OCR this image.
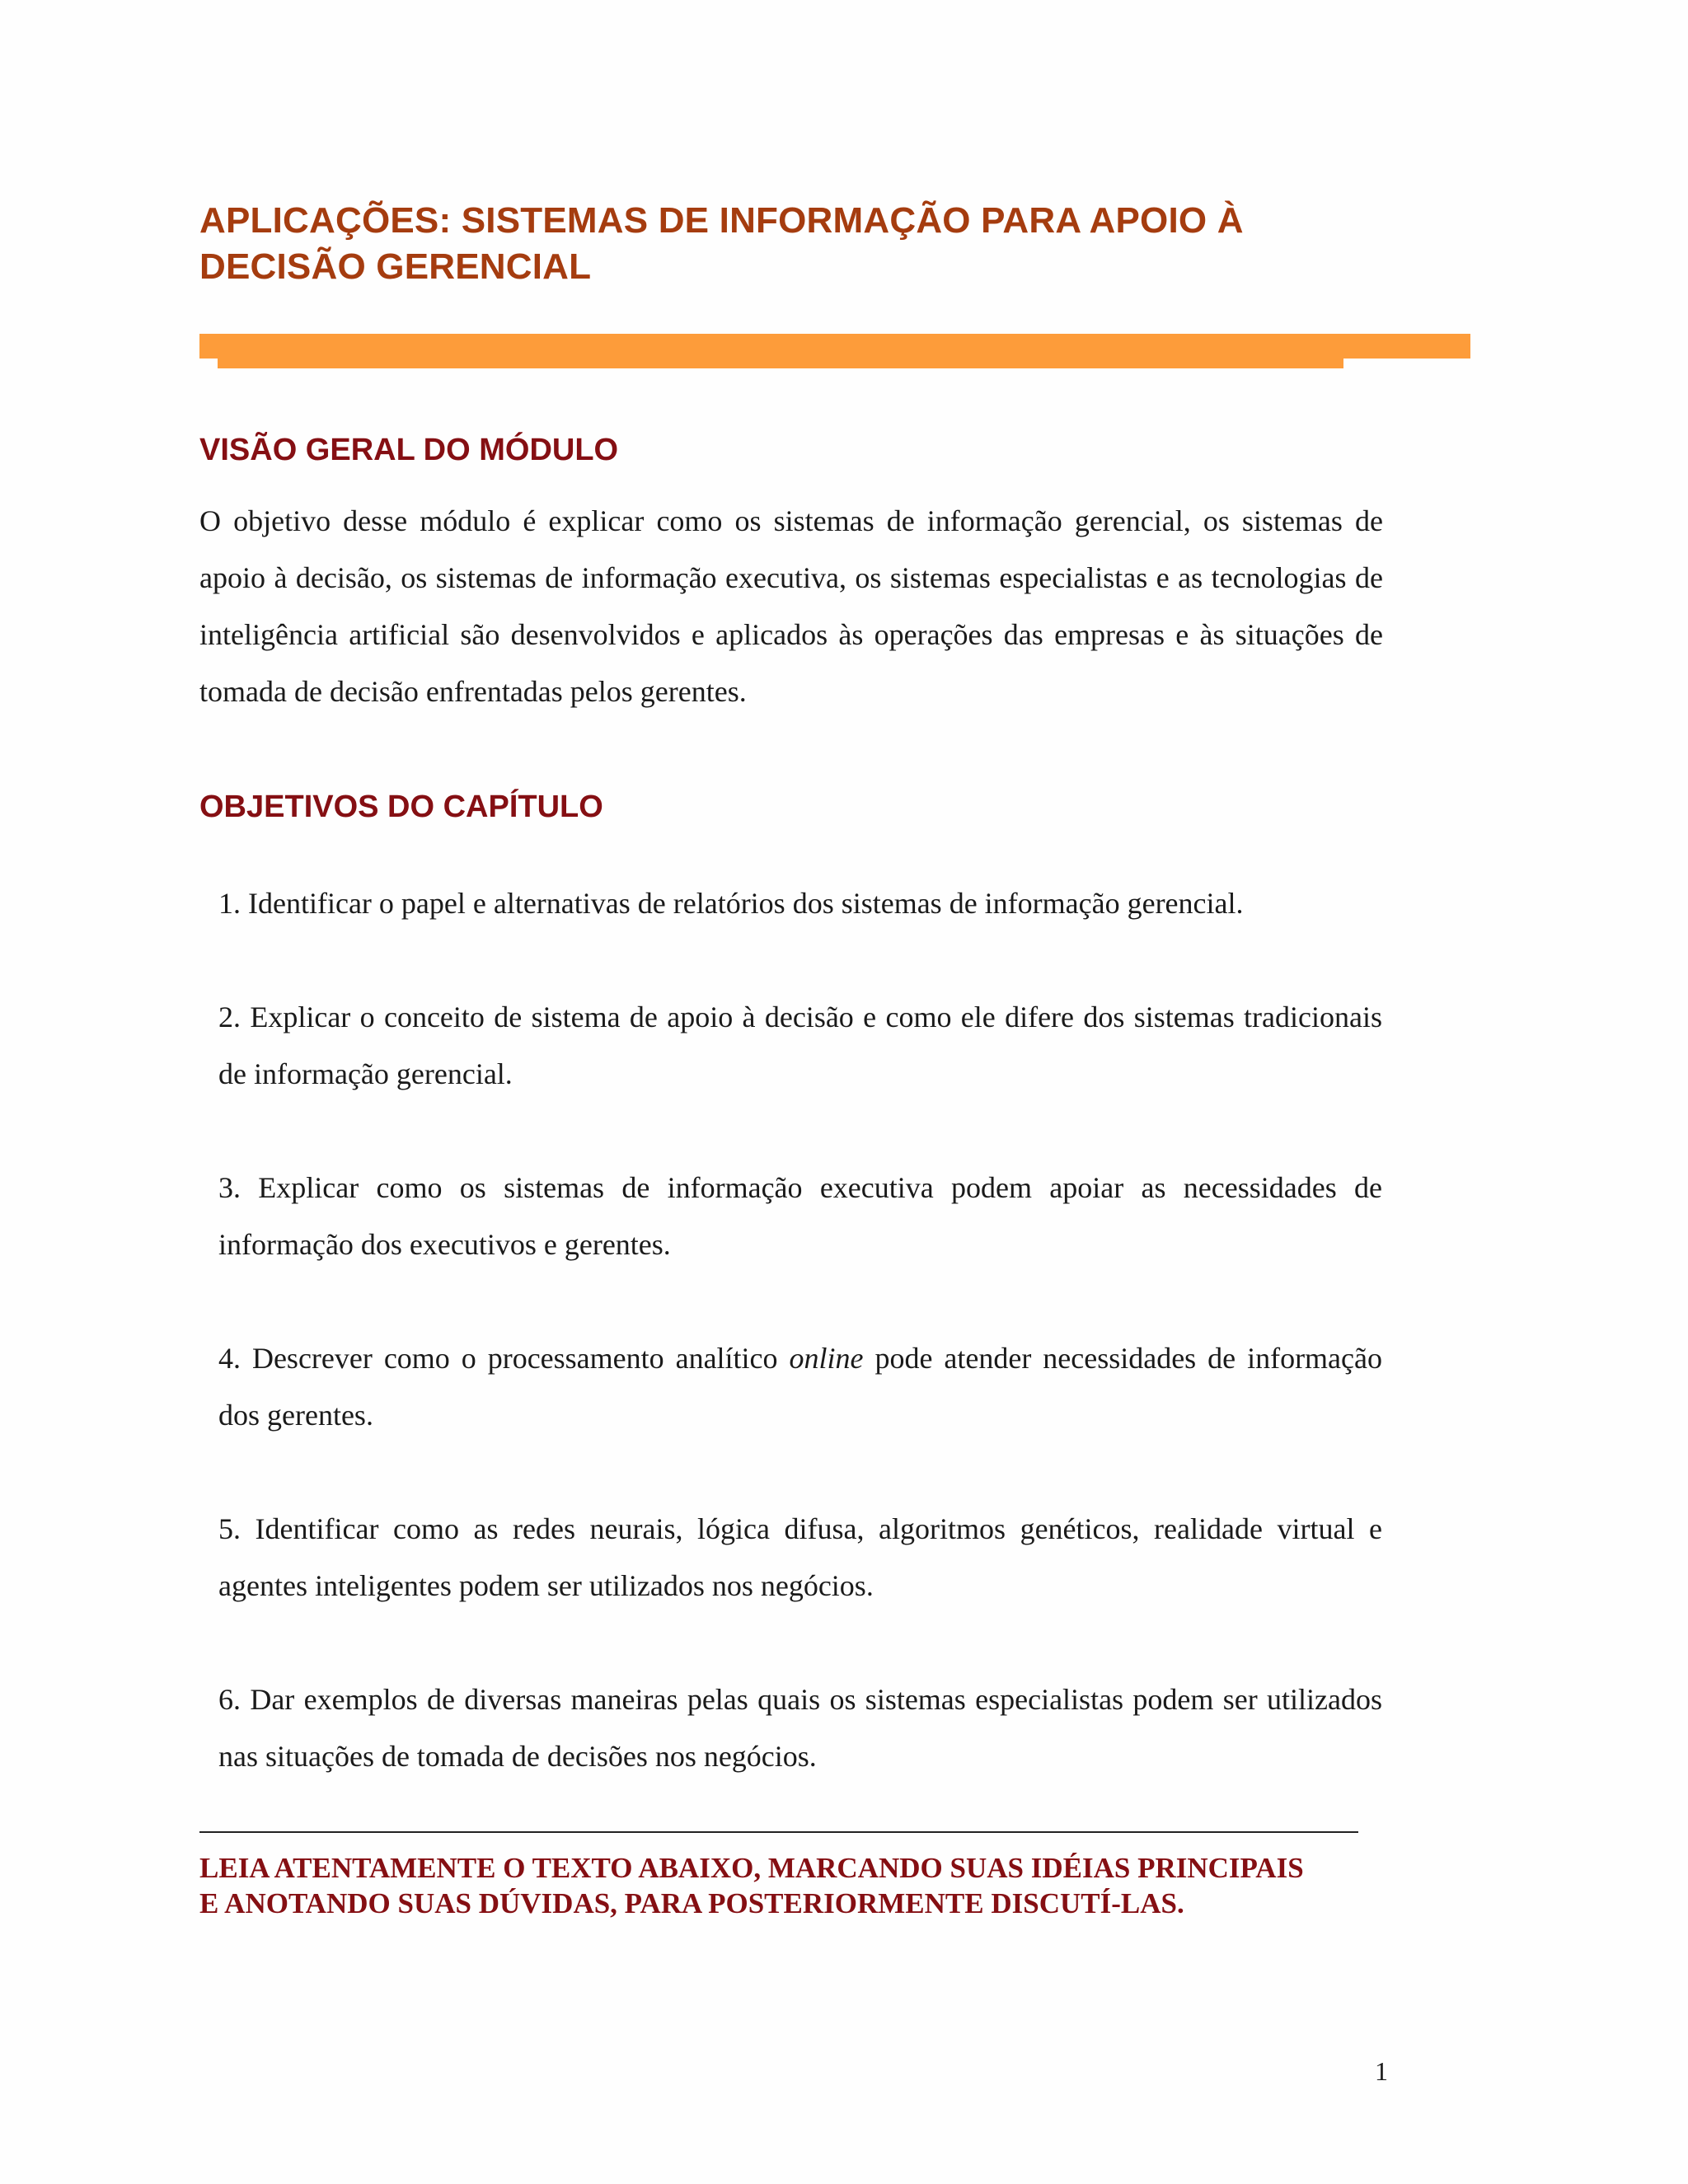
APLICAÇÕES: SISTEMAS DE INFORMAÇÃO PARA APOIO À
DECISÃO GERENCIAL
VISÃO GERAL DO MÓDULO

O objetivo desse módulo é explicar como os sistemas de informação gerencial, os sistemas de apoio à decisão, os sistemas de informação executiva, os sistemas especialistas e as tecnologias de inteligência artificial são desenvolvidos e aplicados às operações das empresas e às situações de tomada de decisão enfrentadas pelos gerentes.

OBJETIVOS DO CAPÍTULO
1. Identificar o papel e alternativas de relatórios dos sistemas de informação gerencial.
2. Explicar o conceito de sistema de apoio à decisão e como ele difere dos sistemas tradicionais de informação gerencial.
3. Explicar como os sistemas de informação executiva podem apoiar as necessidades de informação dos executivos e gerentes.
4. Descrever como o processamento analítico online pode atender necessidades de informação dos gerentes.
5. Identificar como as redes neurais, lógica difusa, algoritmos genéticos, realidade virtual e agentes inteligentes podem ser utilizados nos negócios.
6. Dar exemplos de diversas maneiras pelas quais os sistemas especialistas podem ser utilizados nas situações de tomada de decisões nos negócios.

LEIA ATENTAMENTE O TEXTO ABAIXO, MARCANDO SUAS IDÉIAS PRINCIPAIS
E ANOTANDO SUAS DÚVIDAS, PARA POSTERIORMENTE DISCUTÍ-LAS.

1
